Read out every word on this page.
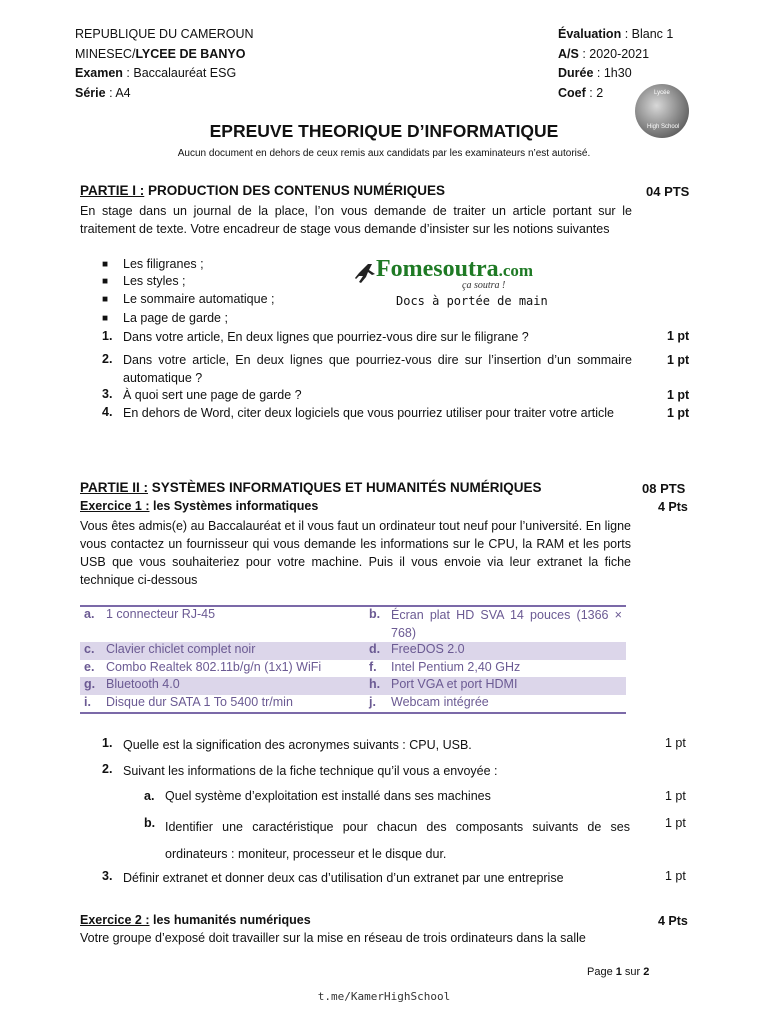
REPUBLIQUE DU CAMEROUN
MINESEC/LYCEE DE BANYO
Examen : Baccalauréat ESG
Série : A4
Évaluation : Blanc 1
A/S : 2020-2021
Durée : 1h30
Coef : 2	Lycée
High School
EPREUVE THEORIQUE D’INFORMATIQUE
Aucun document en dehors de ceux remis aux candidats par les examinateurs n’est autorisé.
PARTIE I : PRODUCTION DES CONTENUS NUMÉRIQUES	04 PTS
En stage dans un journal de la place, l’on vous demande de traiter un article portant sur le traitement de texte. Votre encadreur de stage vous demande d’insister sur les notions suivantes
■ Les filigranes ;
■ Les styles ;
■ Le sommaire automatique ;
■ La page de garde ;
Fomesoutra.com
ça soutra !
Docs à portée de main
1. Dans votre article, En deux lignes que pourriez-vous dire sur le filigrane ?	1 pt
2. Dans votre article, En deux lignes que pourriez-vous dire sur l’insertion d’un sommaire automatique ?
1 pt
3. À quoi sert une page de garde ?	1 pt
4. En dehors de Word, citer deux logiciels que vous pourriez utiliser pour traiter votre article	1 pt
PARTIE II : SYSTÈMES INFORMATIQUES ET HUMANITÉS NUMÉRIQUES	08 PTS
Exercice 1 : les Systèmes informatiques	4 Pts
Vous êtes admis(e) au Baccalauréat et il vous faut un ordinateur tout neuf pour l’université. En ligne vous contactez un fournisseur qui vous demande les informations sur le CPU, la RAM et les ports USB que vous souhaiteriez pour votre machine. Puis il vous envoie via leur extranet la fiche technique ci-dessous
a.	1 connecteur RJ-45	b.	Écran plat HD SVA 14 pouces (1366 × 768)
c.	Clavier chiclet complet noir	d.	FreeDOS 2.0
e.	Combo Realtek 802.11b/g/n (1x1) WiFi	f.	Intel Pentium 2,40 GHz
g.	Bluetooth 4.0	h.	Port VGA et port HDMI
i.	Disque dur SATA 1 To 5400 tr/min	j.	Webcam intégrée
1. Quelle est la signification des acronymes suivants : CPU, USB.	1 pt
2. Suivant les informations de la fiche technique qu’il vous a envoyée :
a. Quel système d’exploitation est installé dans ses machines	1 pt
b. Identifier une caractéristique pour chacun des composants suivants de ses ordinateurs : moniteur, processeur et le disque dur.
1 pt
3. Définir extranet et donner deux cas d’utilisation d’un extranet par une entreprise	1 pt
Exercice 2 : les humanités numériques	4 Pts
Votre groupe d’exposé doit travailler sur la mise en réseau de trois ordinateurs dans la salle
Page 1 sur 2
t.me/KamerHighSchool
